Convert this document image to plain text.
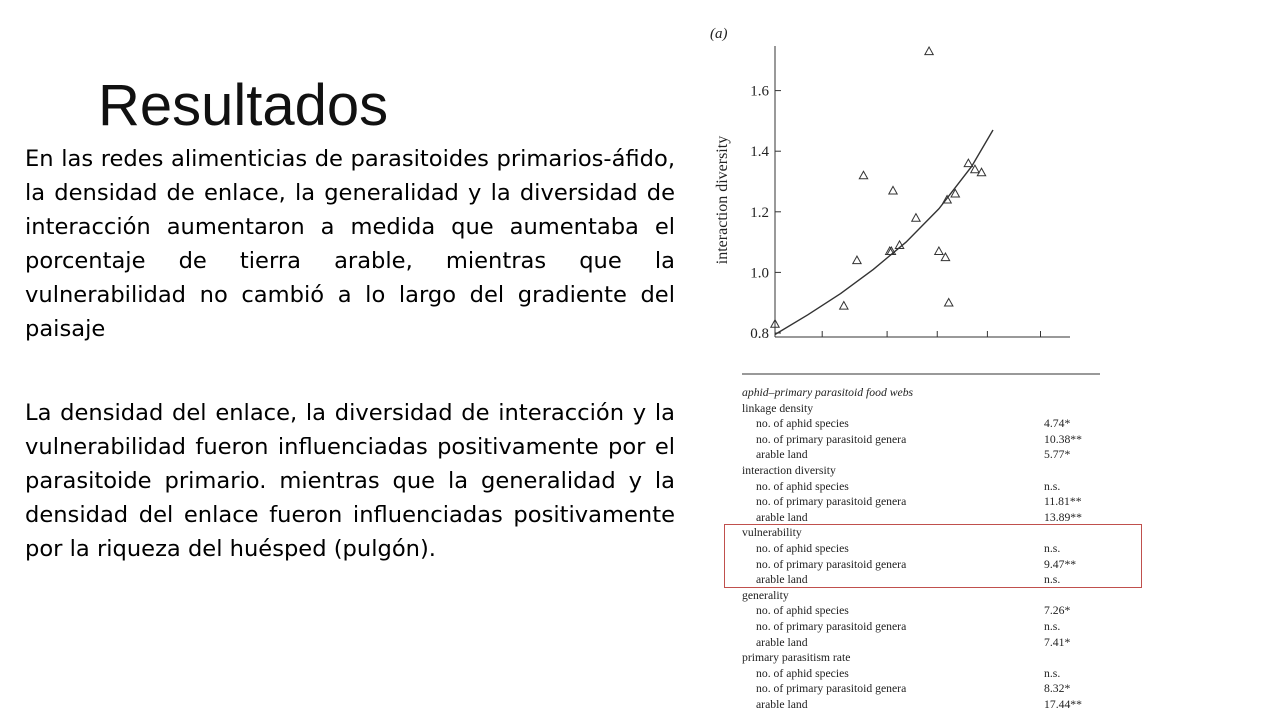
Resultados

En las redes alimenticias de parasitoides primarios-áfido, la densidad de enlace, la generalidad y la diversidad de interacción aumentaron a medida que aumentaba el porcentaje de tierra arable, mientras que la vulnerabilidad no cambió a lo largo del gradiente del paisaje

La densidad del enlace, la diversidad de interacción y la vulnerabilidad fueron influenciadas positivamente por el parasitoide primario. mientras que la generalidad y la densidad del enlace fueron influenciadas positivamente por la riqueza del huésped (pulgón).

(a)
interaction diversity
0.8
1.0
1.2
1.4
1.6
aphid–primary parasitoid food webs
linkage density
no. of aphid species	4.74*
no. of primary parasitoid genera	10.38**
arable land	5.77*
interaction diversity
no. of aphid species	n.s.
no. of primary parasitoid genera	11.81**
arable land	13.89**
vulnerability
no. of aphid species	n.s.
no. of primary parasitoid genera	9.47**
arable land	n.s.
generality
no. of aphid species	7.26*
no. of primary parasitoid genera	n.s.
arable land	7.41*
primary parasitism rate
no. of aphid species	n.s.
no. of primary parasitoid genera	8.32*
arable land	17.44**
